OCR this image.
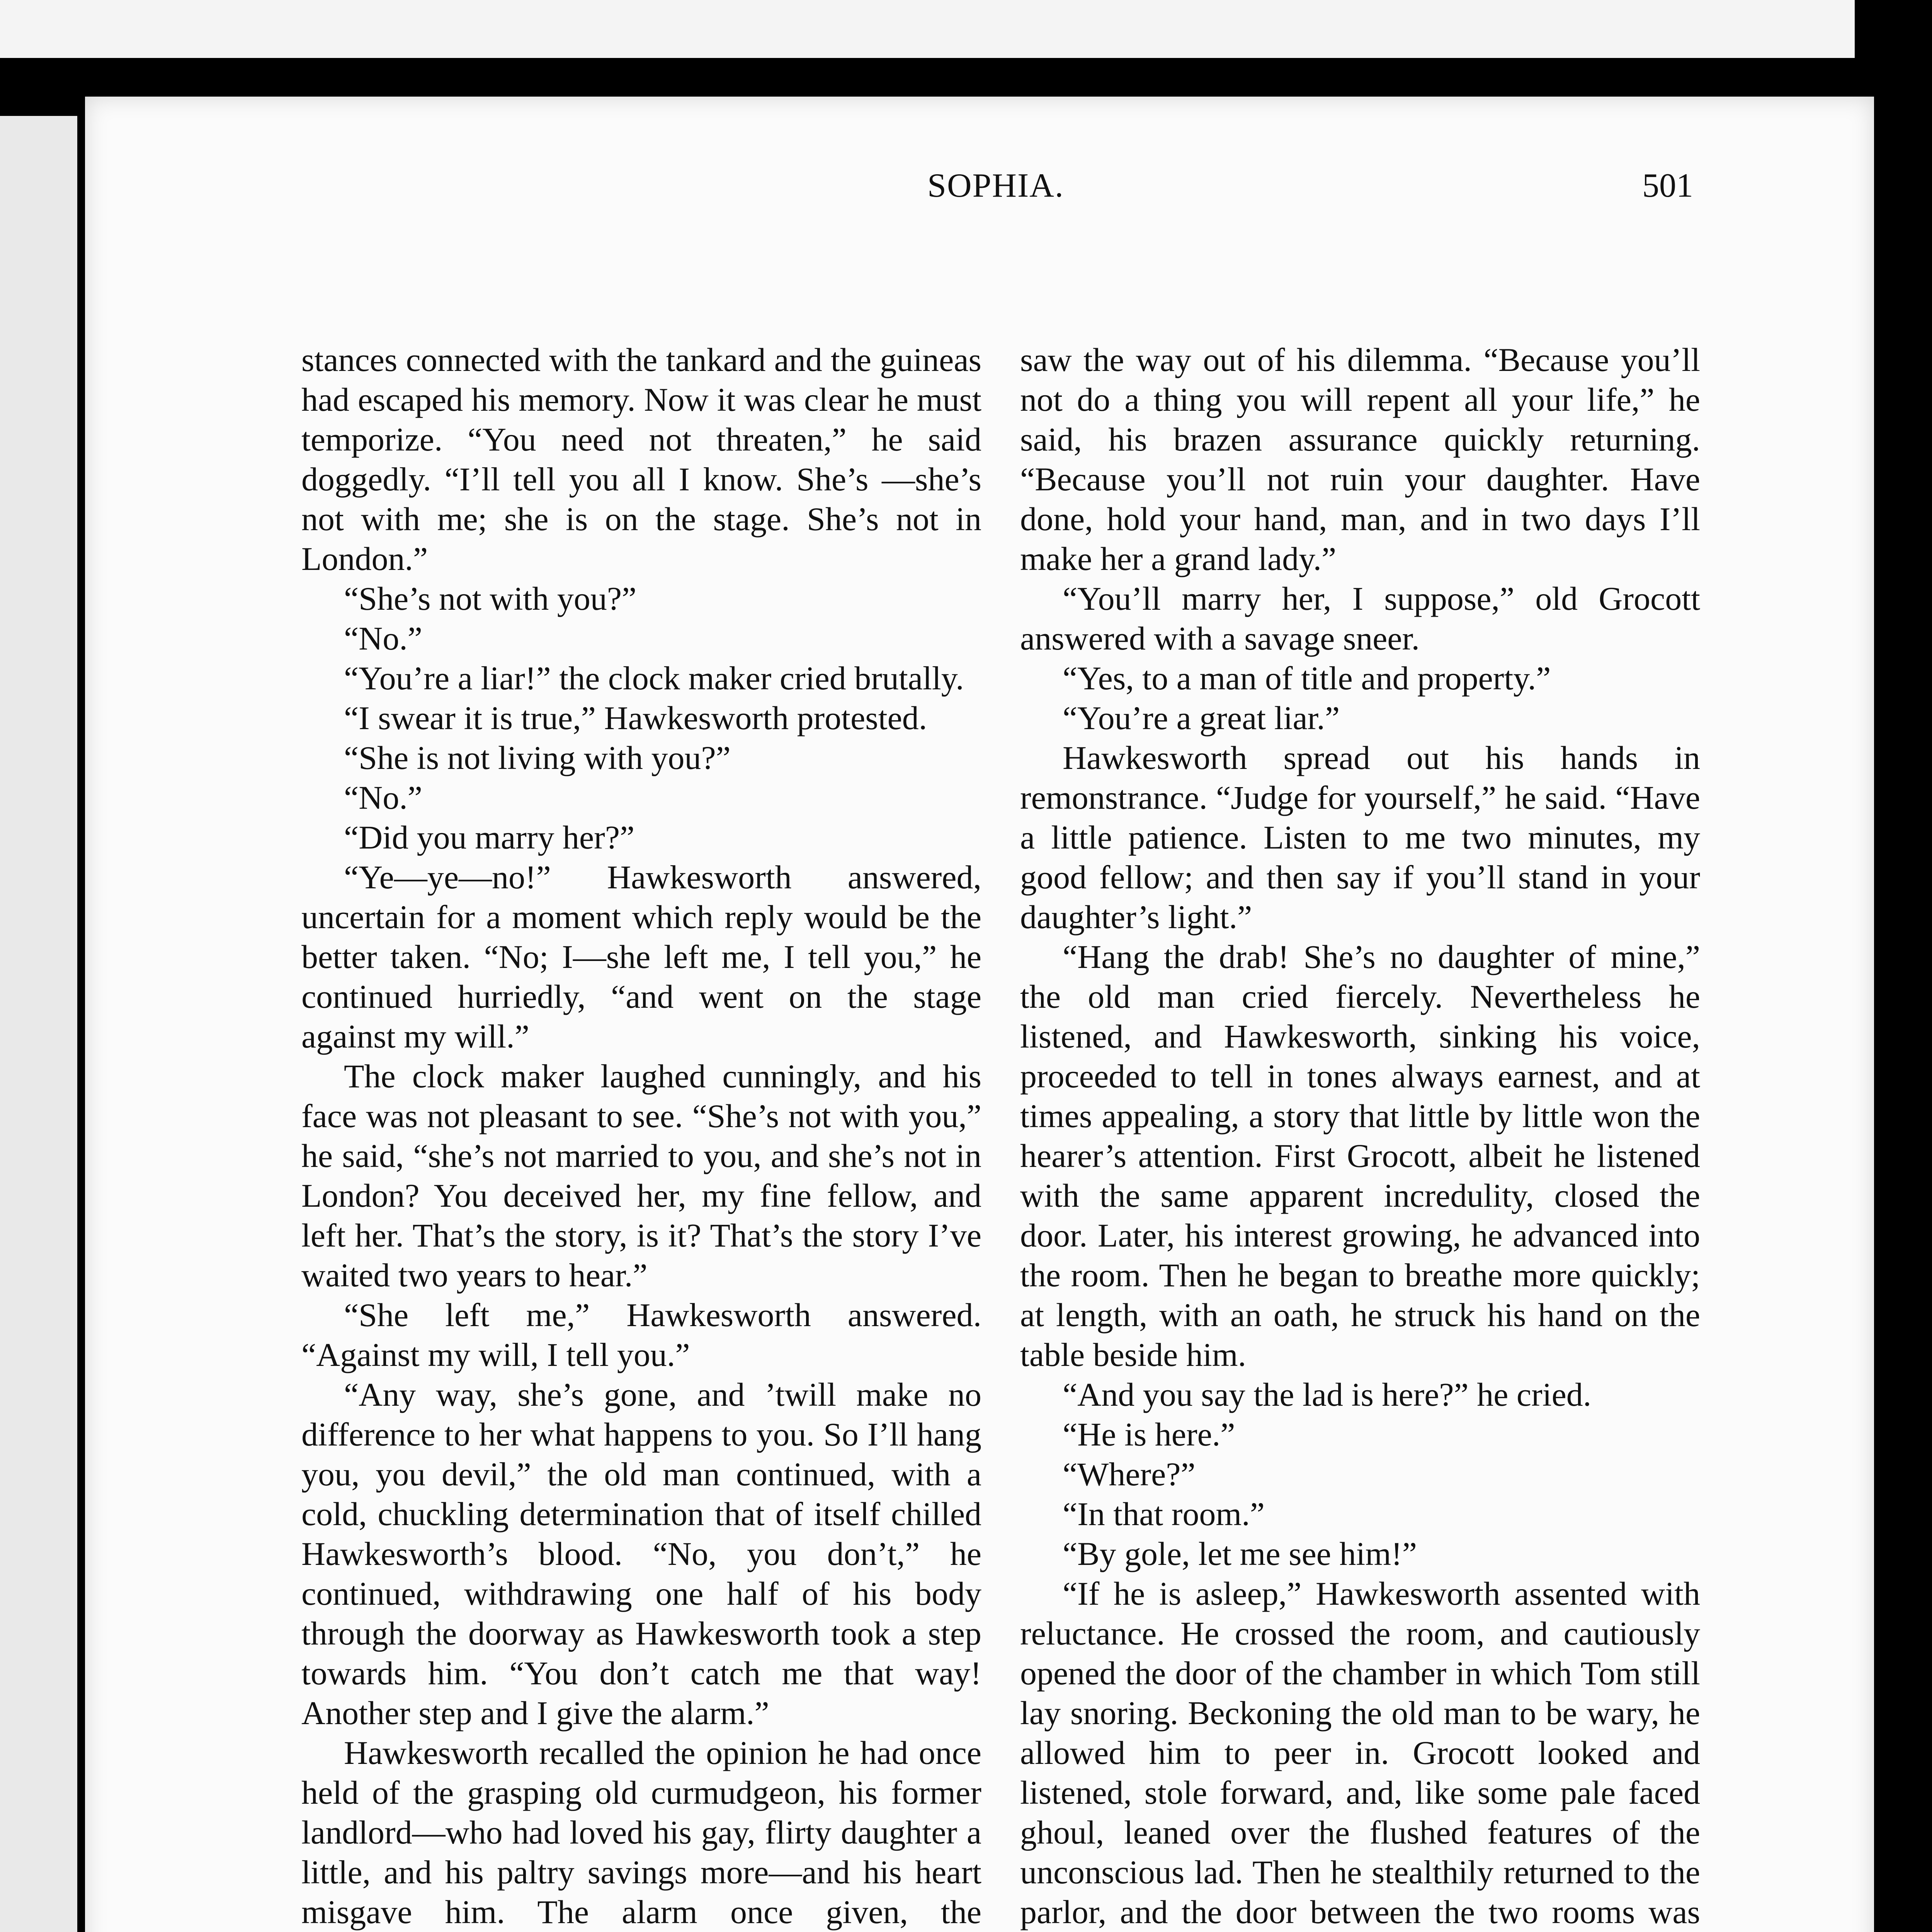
SOPHIA.	501

stances connected with the tankard and the guineas had escaped his memory. Now it was clear he must temporize. “You need not threaten,” he said doggedly. “I’ll tell you all I know. She’s —she’s not with me; she is on the stage. She’s not in London.”

“She’s not with you?”

“No.”

“You’re a liar!” the clock maker cried brutally.

“I swear it is true,” Hawkesworth protested.

“She is not living with you?”

“No.”

“Did you marry her?”

“Ye—ye—no!” Hawkesworth answered, uncertain for a moment which reply would be the better taken. “No; I—she left me, I tell you,” he continued hurriedly, “and went on the stage against my will.”

The clock maker laughed cunningly, and his face was not pleasant to see. “She’s not with you,” he said, “she’s not married to you, and she’s not in London? You deceived her, my fine fellow, and left her. That’s the story, is it? That’s the story I’ve waited two years to hear.”

“She left me,” Hawkesworth answered. “Against my will, I tell you.”

“Any way, she’s gone, and ’twill make no difference to her what happens to you. So I’ll hang you, you devil,” the old man continued, with a cold, chuckling determination that of itself chilled Hawkesworth’s blood. “No, you don’t,” he continued, withdrawing one half of his body through the doorway as Hawkesworth took a step towards him. “You don’t catch me that way! Another step and I give the alarm.”

Hawkesworth recalled the opinion he had once held of the grasping old curmudgeon, his former landlord—who had loved his gay, flirty daughter a little, and his paltry savings more—and his heart misgave him. The alarm once given, the

saw the way out of his dilemma. “Because you’ll not do a thing you will repent all your life,” he said, his brazen assurance quickly returning. “Because you’ll not ruin your daughter. Have done, hold your hand, man, and in two days I’ll make her a grand lady.”

“You’ll marry her, I suppose,” old Grocott answered with a savage sneer.

“Yes, to a man of title and property.”

“You’re a great liar.”

Hawkesworth spread out his hands in remonstrance. “Judge for yourself,” he said. “Have a little patience. Listen to me two minutes, my good fellow; and then say if you’ll stand in your daughter’s light.”

“Hang the drab! She’s no daughter of mine,” the old man cried fiercely. Nevertheless he listened, and Hawkesworth, sinking his voice, proceeded to tell in tones always earnest, and at times appealing, a story that little by little won the hearer’s attention. First Grocott, albeit he listened with the same apparent incredulity, closed the door. Later, his interest growing, he advanced into the room. Then he began to breathe more quickly; at length, with an oath, he struck his hand on the table beside him.

“And you say the lad is here?” he cried.

“He is here.”

“Where?”

“In that room.”

“By gole, let me see him!”

“If he is asleep,” Hawkesworth assented with reluctance. He crossed the room, and cautiously opened the door of the chamber in which Tom still lay snoring. Beckoning the old man to be wary, he allowed him to peer in. Grocott looked and listened, stole forward, and, like some pale faced ghoul, leaned over the flushed features of the unconscious lad. Then he stealthily returned to the parlor, and the door between the two rooms was
